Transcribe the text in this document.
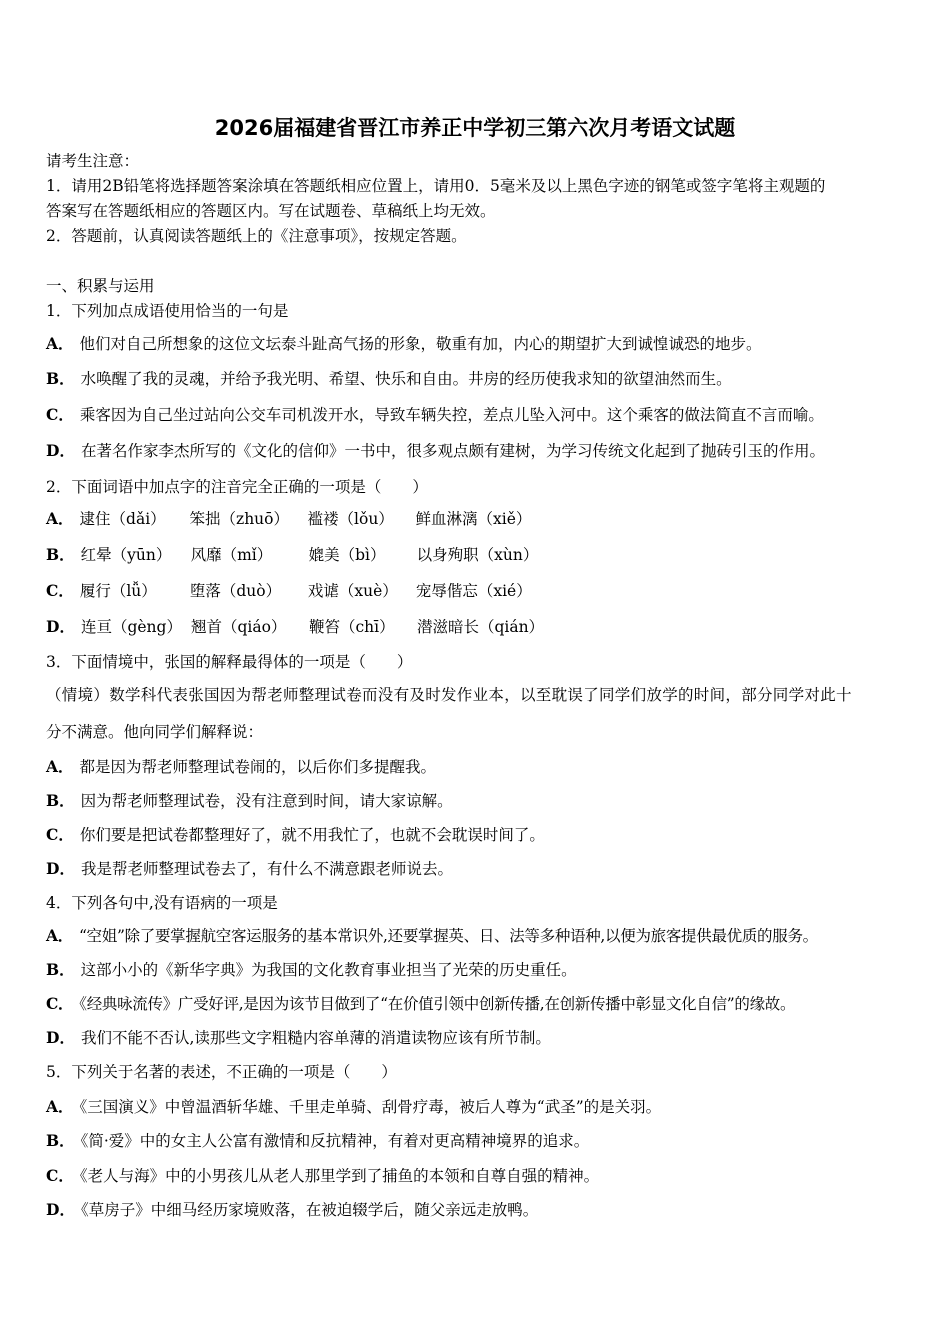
2026届福建省晋江市养正中学初三第六次月考语文试题
请考生注意：
1．请用2B铅笔将选择题答案涂填在答题纸相应位置上，请用0．5毫米及以上黑色字迹的钢笔或签字笔将主观题的
答案写在答题纸相应的答题区内。写在试题卷、草稿纸上均无效。
2．答题前，认真阅读答题纸上的《注意事项》，按规定答题。
一、积累与运用
1．下列加点成语使用恰当的一句是
A． 他们对自己所想象的这位文坛泰斗趾高气扬的形象，敬重有加，内心的期望扩大到诚惶诚恐的地步。
B． 水唤醒了我的灵魂，并给予我光明、希望、快乐和自由。井房的经历使我求知的欲望油然而生。
C． 乘客因为自己坐过站向公交车司机泼开水，导致车辆失控，差点儿坠入河中。这个乘客的做法简直不言而喻。
D． 在著名作家李杰所写的《文化的信仰》一书中，很多观点颇有建树，为学习传统文化起到了抛砖引玉的作用。
2．下面词语中加点字的注音完全正确的一项是（　　）
A． 逮住（dǎi） 笨拙（zhuō） 褴褛（lǒu） 鲜血淋漓（xiě）
B． 红晕（yūn） 风靡（mǐ） 媲美（bì） 以身殉职（xùn）
C． 履行（lǚ） 堕落（duò） 戏谑（xuè） 宠辱偕忘（xié）
D． 连亘（gèng） 翘首（qiáo） 鞭笞（chī） 潜滋暗长（qián）
3．下面情境中，张国的解释最得体的一项是（　　）
（情境）数学科代表张国因为帮老师整理试卷而没有及时发作业本，以至耽误了同学们放学的时间，部分同学对此十
分不满意。他向同学们解释说：
A． 都是因为帮老师整理试卷闹的，以后你们多提醒我。
B． 因为帮老师整理试卷，没有注意到时间，请大家谅解。
C． 你们要是把试卷都整理好了，就不用我忙了，也就不会耽误时间了。
D． 我是帮老师整理试卷去了，有什么不满意跟老师说去。
4．下列各句中,没有语病的一项是
A． “空姐”除了要掌握航空客运服务的基本常识外,还要掌握英、日、法等多种语种,以便为旅客提供最优质的服务。
B． 这部小小的《新华字典》为我国的文化教育事业担当了光荣的历史重任。
C． 《经典咏流传》广受好评,是因为该节目做到了“在价值引领中创新传播,在创新传播中彰显文化自信”的缘故。
D． 我们不能不否认,读那些文字粗糙内容单薄的消遣读物应该有所节制。
5．下列关于名著的表述，不正确的一项是（　　）
A． 《三国演义》中曾温酒斩华雄、千里走单骑、刮骨疗毒，被后人尊为“武圣”的是关羽。
B． 《简·爱》中的女主人公富有激情和反抗精神，有着对更高精神境界的追求。
C． 《老人与海》中的小男孩儿从老人那里学到了捕鱼的本领和自尊自强的精神。
D． 《草房子》中细马经历家境败落，在被迫辍学后，随父亲远走放鸭。
